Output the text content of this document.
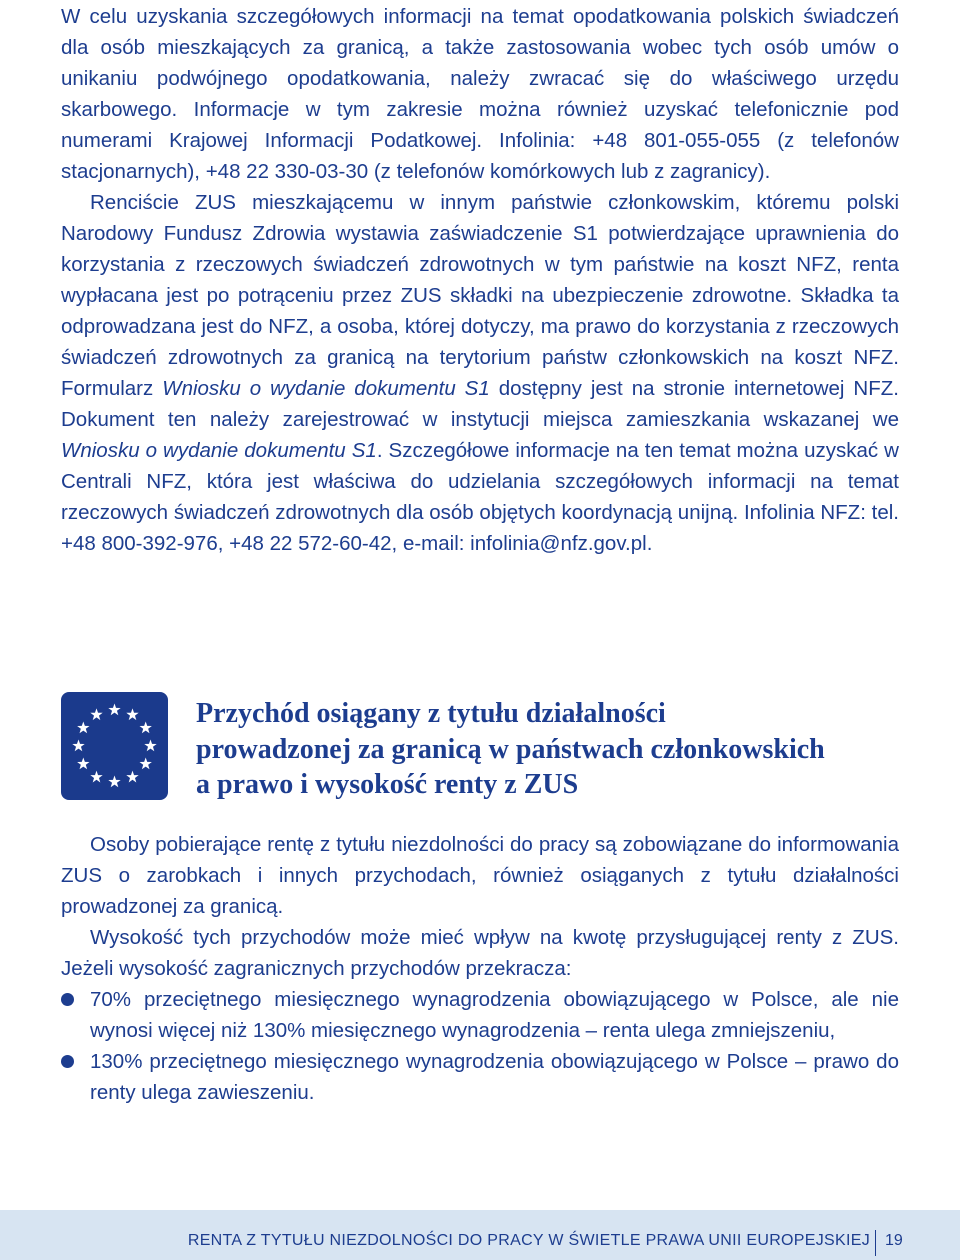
W celu uzyskania szczegółowych informacji na temat opodatkowania polskich świadczeń dla osób mieszkających za granicą, a także zastosowania wobec tych osób umów o unikaniu podwójnego opodatkowania, należy zwracać się do właściwego urzędu skarbowego. Informacje w tym zakresie można również uzyskać telefonicznie pod numerami Krajowej Informacji Podatkowej. Infolinia: +48 801-055-055 (z telefonów stacjonarnych), +48 22 330-03-30 (z telefonów komórkowych lub z zagranicy).

Renciście ZUS mieszkającemu w innym państwie członkowskim, któremu polski Narodowy Fundusz Zdrowia wystawia zaświadczenie S1 potwierdzające uprawnienia do korzystania z rzeczowych świadczeń zdrowotnych w tym państwie na koszt NFZ, renta wypłacana jest po potrąceniu przez ZUS składki na ubezpieczenie zdrowotne. Składka ta odprowadzana jest do NFZ, a osoba, której dotyczy, ma prawo do korzystania z rzeczowych świadczeń zdrowotnych za granicą na terytorium państw członkowskich na koszt NFZ. Formularz Wniosku o wydanie dokumentu S1 dostępny jest na stronie internetowej NFZ. Dokument ten należy zarejestrować w instytucji miejsca zamieszkania wskazanej we Wniosku o wydanie dokumentu S1. Szczegółowe informacje na ten temat można uzyskać w Centrali NFZ, która jest właściwa do udzielania szczegółowych informacji na temat rzeczowych świadczeń zdrowotnych dla osób objętych koordynacją unijną. Infolinia NFZ: tel. +48 800-392-976, +48 22 572-60-42, e-mail: infolinia@nfz.gov.pl.

Przychód osiągany z tytułu działalności
prowadzonej za granicą w państwach członkowskich
a prawo i wysokość renty z ZUS

Osoby pobierające rentę z tytułu niezdolności do pracy są zobowiązane do informowania ZUS o zarobkach i innych przychodach, również osiąganych z tytułu działalności prowadzonej za granicą.

Wysokość tych przychodów może mieć wpływ na kwotę przysługującej renty z ZUS. Jeżeli wysokość zagranicznych przychodów przekracza:

70% przeciętnego miesięcznego wynagrodzenia obowiązującego w Polsce, ale nie wynosi więcej niż 130% miesięcznego wynagrodzenia – renta ulega zmniejszeniu,
130% przeciętnego miesięcznego wynagrodzenia obowiązującego w Polsce – prawo do renty ulega zawieszeniu.
RENTA Z TYTUŁU NIEZDOLNOŚCI DO PRACY W ŚWIETLE PRAWA UNII EUROPEJSKIEJ 19
